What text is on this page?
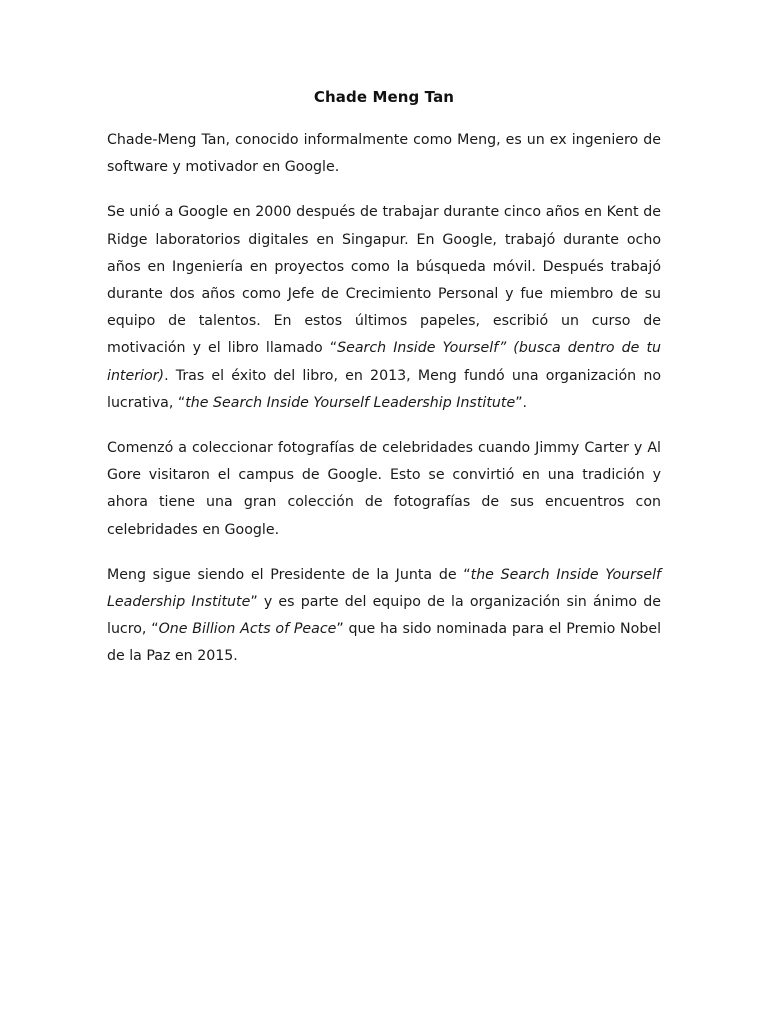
Chade Meng Tan

Chade-Meng Tan, conocido informalmente como Meng, es un ex ingeniero de software y motivador en Google.

Se unió a Google en 2000 después de trabajar durante cinco años en Kent de Ridge laboratorios digitales en Singapur. En Google, trabajó durante ocho años en Ingeniería en proyectos como la búsqueda móvil. Después trabajó durante dos años como Jefe de Crecimiento Personal y fue miembro de su equipo de talentos. En estos últimos papeles, escribió un curso de motivación y el libro llamado “Search Inside Yourself” (busca dentro de tu interior). Tras el éxito del libro, en 2013, Meng fundó una organización no lucrativa, “the Search Inside Yourself Leadership Institute”.

Comenzó a coleccionar fotografías de celebridades cuando Jimmy Carter y Al Gore visitaron el campus de Google. Esto se convirtió en una tradición y ahora tiene una gran colección de fotografías de sus encuentros con celebridades en Google.

Meng sigue siendo el Presidente de la Junta de “the Search Inside Yourself Leadership Institute” y es parte del equipo de la organización sin ánimo de lucro, “One Billion Acts of Peace” que ha sido nominada para el Premio Nobel de la Paz en 2015.
